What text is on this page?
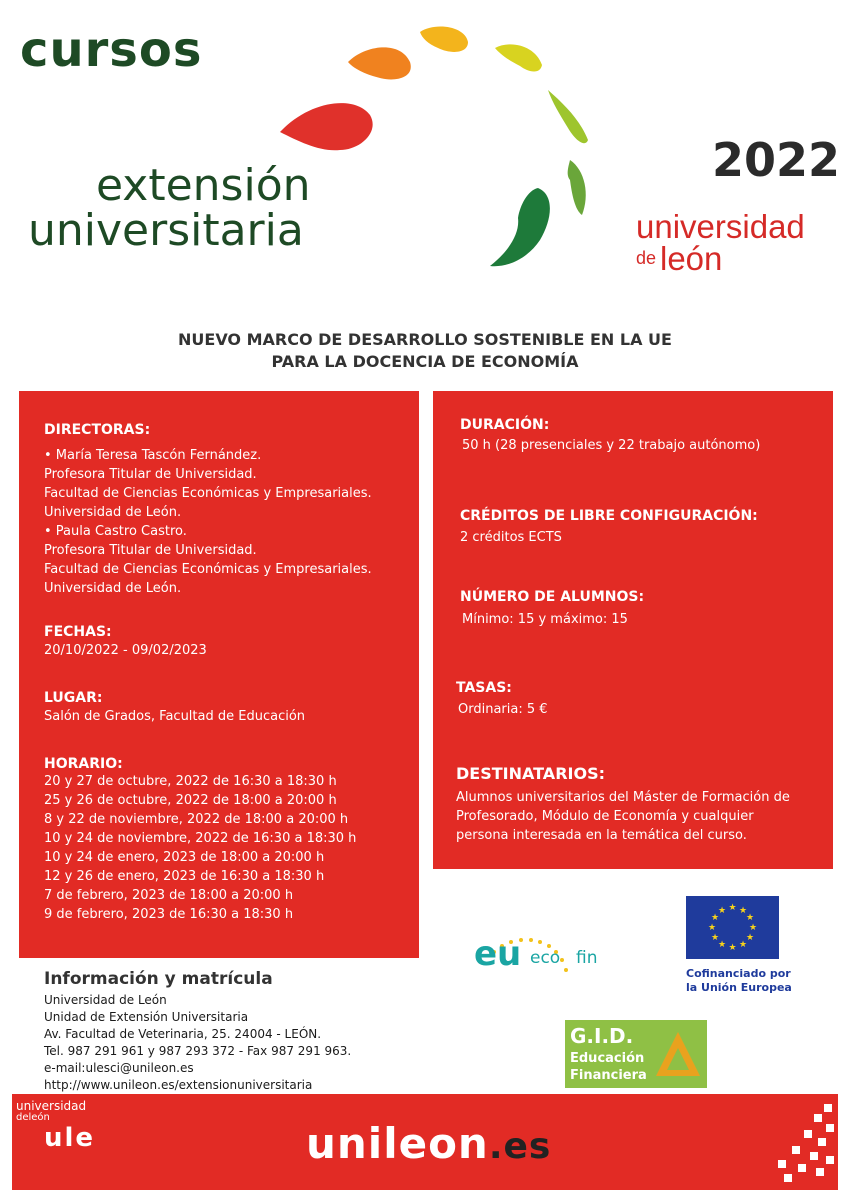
cursos
extensión
universitaria
2022
universidad
de león
NUEVO MARCO DE DESARROLLO SOSTENIBLE EN LA UE
PARA LA DOCENCIA DE ECONOMÍA
DIRECTORAS:
• María Teresa Tascón Fernández.
Profesora Titular de Universidad.
Facultad de Ciencias Económicas y Empresariales.
Universidad de León.
• Paula Castro Castro.
Profesora Titular de Universidad.
Facultad de Ciencias Económicas y Empresariales.
Universidad de León.
FECHAS:
20/10/2022 - 09/02/2023
LUGAR:
Salón de Grados, Facultad de Educación
HORARIO:
20 y 27 de octubre, 2022 de 16:30 a 18:30 h
25 y 26 de octubre, 2022 de 18:00 a 20:00 h
8 y 22 de noviembre, 2022 de 18:00 a 20:00 h
10 y 24 de noviembre, 2022 de 16:30 a 18:30 h
10 y 24 de enero, 2023 de 18:00 a 20:00 h
12 y 26 de enero, 2023 de 16:30 a 18:30 h
7 de febrero, 2023 de 18:00 a 20:00 h
9 de febrero, 2023 de 16:30 a 18:30 h
DURACIÓN:
50 h (28 presenciales y 22 trabajo autónomo)
CRÉDITOS DE LIBRE CONFIGURACIÓN:
2 créditos ECTS
NÚMERO DE ALUMNOS:
Mínimo: 15 y máximo: 15
TASAS:
Ordinaria: 5 €
DESTINATARIOS:
Alumnos universitarios del Máster de Formación de
Profesorado, Módulo de Economía y cualquier
persona interesada en la temática del curso.
eu eco fin
★ ★
★
★
★
★
★
★
★
★
★
★
Cofinanciado por
la Unión Europea
G.I.D.
Educación
Financiera
Información y matrícula
Universidad de León
Unidad de Extensión Universitaria
Av. Facultad de Veterinaria, 25. 24004 - LEÓN.
Tel. 987 291 961 y 987 293 372 - Fax 987 291 963.
e-mail:ulesci@unileon.es
http://www.unileon.es/extensionuniversitaria
universidad
deleón
ule	unileon.es
